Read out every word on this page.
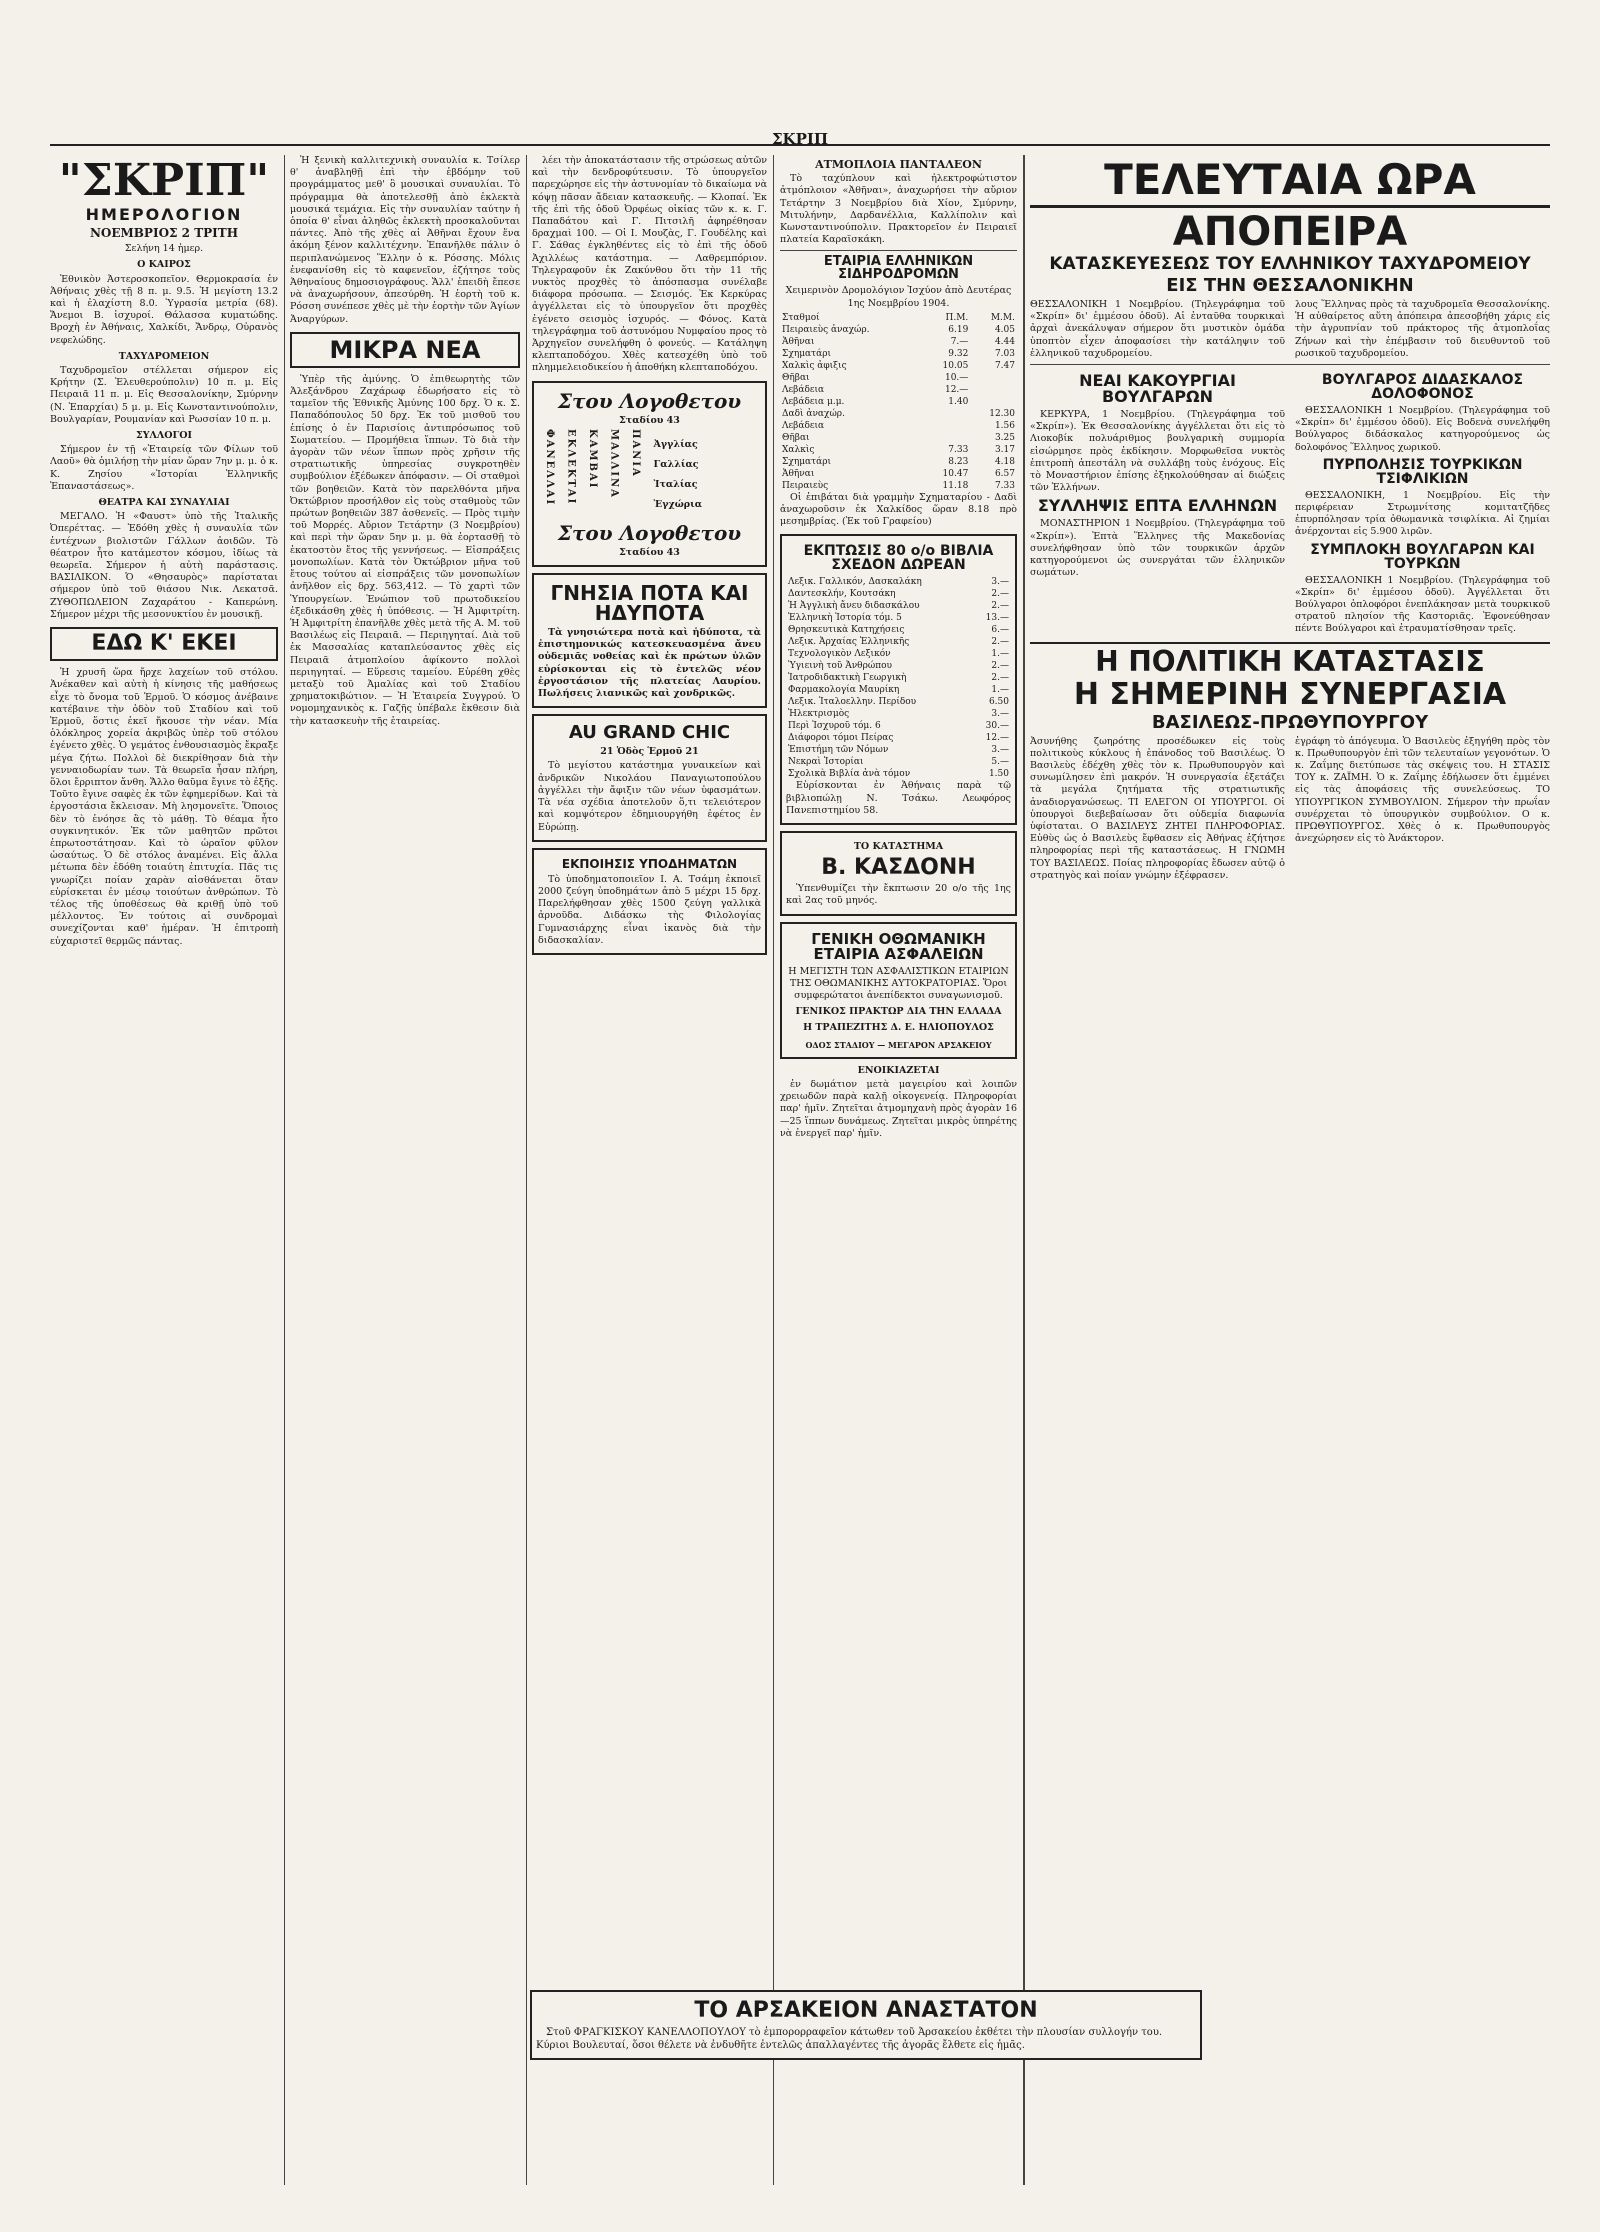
ΣΚΡΙΠ
"ΣΚΡΙΠ"
ΗΜΕΡΟΛΟΓΙΟΝ
ΝΟΕΜΒΡΙΟΣ 2 ΤΡΙΤΗ
Σελήνη 14 ἡμερ.
Ο ΚΑΙΡΟΣ

Ἐθνικὸν Ἀστεροσκοπεῖον. Θερμοκρασία ἐν Ἀθήναις χθὲς τῇ 8 π. μ. 9.5. Ἡ μεγίστη 13.2 καὶ ἡ ἐλαχίστη 8.0. Ὑγρασία μετρία (68). Ἄνεμοι Β. ἰσχυροί. Θάλασσα κυματώδης. Βροχὴ ἐν Ἀθήναις, Χαλκίδι, Ἄνδρῳ, Οὐρανὸς νεφελώδης.

ΤΑΧΥΔΡΟΜΕΙΟΝ

Ταχυδρομεῖον στέλλεται σήμερον εἰς Κρήτην (Σ. Ἐλευθερούπολιν) 10 π. μ. Εἰς Πειραιᾶ 11 π. μ. Εἰς Θεσσαλονίκην, Σμύρνην (Ν. Ἐπαρχίαι) 5 μ. μ. Εἰς Κωνσταντινούπολιν, Βουλγαρίαν, Ρουμανίαν καὶ Ρωσσίαν 10 π. μ.

ΣΥΛΛΟΓΟΙ

Σήμερον ἐν τῇ «Ἑταιρείᾳ τῶν Φίλων τοῦ Λαοῦ» θὰ ὁμιλήσῃ τὴν μίαν ὥραν 7ην μ. μ. ὁ κ. Κ. Ζησίου «Ἱστορίαι Ἑλληνικῆς Ἐπαναστάσεως».

ΘΕΑΤΡΑ ΚΑΙ ΣΥΝΑΥΛΙΑΙ

ΜΕΓΑΛΟ. Ἡ «Φαυστ» ὑπὸ τῆς Ἰταλικῆς Ὀπερέττας. — Ἐδόθη χθὲς ἡ συναυλία τῶν ἐντέχνων βιολιστῶν Γάλλων ἀοιδῶν. Τὸ θέατρον ἦτο κατάμεστον κόσμου, ἰδίως τὰ θεωρεῖα. Σήμερον ἡ αὐτὴ παράστασις. ΒΑΣΙΛΙΚΟΝ. Ὁ «Θησαυρὸς» παρίσταται σήμερον ὑπὸ τοῦ θιάσου Νικ. Λεκατσᾶ. ΖΥΘΟΠΩΛΕΙΟΝ Ζαχαράτου - Καπερώνη. Σήμερον μέχρι τῆς μεσονυκτίου ἐν μουσικῇ.

ΕΔΩ Κ' ΕΚΕΙ

Ἡ χρυσῆ ὥρα ἤρχε λαχείων τοῦ στόλου. Ἀνέκαθεν καὶ αὐτὴ ἡ κίνησις τῆς μαθήσεως εἶχε τὸ ὄνομα τοῦ Ἑρμοῦ. Ὁ κόσμος ἀνέβαινε κατέβαινε τὴν ὁδὸν τοῦ Σταδίου καὶ τοῦ Ἑρμοῦ, ὅστις ἐκεῖ ἤκουσε τὴν νέαν. Μία ὁλόκληρος χορεία ἀκριβῶς ὑπὲρ τοῦ στόλου ἐγένετο χθὲς. Ὁ γεμάτος ἐνθουσιασμὸς ἔκραξε μέγα ζήτω. Πολλοὶ δὲ διεκρίθησαν διὰ τὴν γενναιοδωρίαν των. Τὰ θεωρεῖα ἦσαν πλήρη, ὅλοι ἔρριπτον ἄνθη. Ἄλλο θαῦμα ἔγινε τὸ ἑξῆς. Τοῦτο ἔγινε σαφὲς ἐκ τῶν ἐφημερίδων. Καὶ τὰ ἐργοστάσια ἔκλεισαν. Μὴ λησμονεῖτε. Ὅποιος δὲν τὸ ἐνόησε ἂς τὸ μάθῃ. Τὸ θέαμα ἦτο συγκινητικόν. Ἐκ τῶν μαθητῶν πρῶτοι ἐπρωτοστάτησαν. Καὶ τὸ ὡραῖον φῦλον ὡσαύτως. Ὁ δὲ στόλος ἀναμένει. Εἰς ἄλλα μέτωπα δὲν ἐδόθη τοιαύτη ἐπιτυχία. Πᾶς τις γνωρίζει ποίαν χαρὰν αἰσθάνεται ὅταν εὑρίσκεται ἐν μέσῳ τοιούτων ἀνθρώπων. Τὸ τέλος τῆς ὑποθέσεως θὰ κριθῇ ὑπὸ τοῦ μέλλοντος. Ἐν τούτοις αἱ συνδρομαὶ συνεχίζονται καθ' ἡμέραν. Ἡ ἐπιτροπὴ εὐχαριστεῖ θερμῶς πάντας.

Ἡ ξενικὴ καλλιτεχνικὴ συναυλία κ. Τσίλερ θ' ἀναβληθῇ ἐπὶ τὴν ἑβδόμην τοῦ προγράμματος μεθ' ὃ μουσικαὶ συναυλίαι. Τὸ πρόγραμμα θὰ ἀποτελεσθῇ ἀπὸ ἐκλεκτὰ μουσικά τεμάχια. Εἰς τὴν συναυλίαν ταύτην ἡ ὁποία θ' εἶναι ἀληθῶς ἐκλεκτὴ προσκαλοῦνται πάντες. Ἀπὸ τῆς χθὲς αἱ Ἀθῆναι ἔχουν ἕνα ἀκόμη ξένον καλλιτέχνην. Ἐπανῆλθε πάλιν ὁ περιπλανώμενος Ἕλλην ὁ κ. Ρόσσης. Μόλις ἐνεφανίσθη εἰς τὸ καφενεῖον, ἐζήτησε τοὺς Ἀθηναίους δημοσιογράφους. Ἄλλ' ἐπειδὴ ἔπεσε νὰ ἀναχωρήσουν, ἀπεσύρθη. Ἡ ἑορτὴ τοῦ κ. Ρόσση συνέπεσε χθὲς μὲ τὴν ἑορτὴν τῶν Ἁγίων Ἀναργύρων.

ΜΙΚΡΑ ΝΕΑ

Ὑπὲρ τῆς ἀμύνης. Ὁ ἐπιθεωρητὴς τῶν Ἀλεξάνδρου Ζαχάρωφ ἐδωρήσατο εἰς τὸ ταμεῖον τῆς Ἐθνικῆς Ἀμύνης 100 δρχ. Ὁ κ. Σ. Παπαδόπουλος 50 δρχ. Ἐκ τοῦ μισθοῦ του ἐπίσης ὁ ἐν Παρισίοις ἀντιπρόσωπος τοῦ Σωματείου. — Προμήθεια ἵππων. Τὸ διὰ τὴν ἀγορὰν τῶν νέων ἵππων πρὸς χρῆσιν τῆς στρατιωτικῆς ὑπηρεσίας συγκροτηθὲν συμβούλιον ἐξέδωκεν ἀπόφασιν. — Οἱ σταθμοὶ τῶν βοηθειῶν. Κατὰ τὸν παρελθόντα μῆνα Ὀκτώβριον προσήλθον εἰς τοὺς σταθμοὺς τῶν πρώτων βοηθειῶν 387 ἀσθενεῖς. — Πρὸς τιμὴν τοῦ Μορρές. Αὔριον Τετάρτην (3 Νοεμβρίου) καὶ περὶ τὴν ὥραν 5ην μ. μ. θὰ ἐορτασθῇ τὸ ἑκατοστὸν ἔτος τῆς γεννήσεως. — Εἰσπράξεις μονοπωλίων. Κατὰ τὸν Ὀκτώβριον μῆνα τοῦ ἔτους τούτου αἱ εἰσπράξεις τῶν μονοπωλίων ἀνῆλθον εἰς δρχ. 563,412. — Τὸ χαρτὶ τῶν Ὑπουργείων. Ἐνώπιον τοῦ πρωτοδικείου ἐξεδικάσθη χθὲς ἡ ὑπόθεσις. — Ἡ Ἀμφιτρίτη. Ἡ Ἀμφιτρίτη ἐπανῆλθε χθὲς μετὰ τῆς Α. Μ. τοῦ Βασιλέως εἰς Πειραιᾶ. — Περιηγηταί. Διὰ τοῦ ἐκ Μασσαλίας καταπλεύσαντος χθὲς εἰς Πειραιᾶ ἀτμοπλοίου ἀφίκοντο πολλοὶ περιηγηταί. — Εὕρεσις ταμείου. Εὑρέθη χθὲς μεταξὺ τοῦ Ἀμαλίας καὶ τοῦ Σταδίου χρηματοκιβώτιον. — Ἡ Ἑταιρεία Συγγρού. Ὁ νομομηχανικὸς κ. Γαζῆς ὑπέβαλε ἔκθεσιν διὰ τὴν κατασκευὴν τῆς ἑταιρείας.

λέει τὴν ἀποκατάστασιν τῆς στρώσεως αὐτῶν καὶ τὴν δενδροφύτευσιν. Τὸ ὑπουργεῖον παρεχώρησε εἰς τὴν ἀστυνομίαν τὸ δικαίωμα νὰ κόψῃ πᾶσαν ἄδειαν κατασκευῆς. — Κλοπαί. Ἐκ τῆς ἐπὶ τῆς ὁδοῦ Ὀρφέως οἰκίας τῶν κ. κ. Γ. Παπαδάτου καὶ Γ. Πιτσιλῆ ἀφηρέθησαν δραχμαὶ 100. — Οἱ Ι. Μουζὰς, Γ. Γουδέλης καὶ Γ. Σάθας ἐγκληθέντες εἰς τὸ ἐπὶ τῆς ὁδοῦ Ἀχιλλέως κατάστημα. — Λαθρεμπόριον. Τηλεγραφοῦν ἐκ Ζακύνθου ὅτι τὴν 11 τῆς νυκτὸς προχθὲς τὸ ἀπόσπασμα συνέλαβε διάφορα πρόσωπα. — Σεισμός. Ἐκ Κερκύρας ἀγγέλλεται εἰς τὸ ὑπουργεῖον ὅτι προχθὲς ἐγένετο σεισμὸς ἰσχυρός. — Φόνος. Κατὰ τηλεγράφημα τοῦ ἀστυνόμου Νυμφαίου προς τὸ Ἀρχηγεῖον συνελήφθη ὁ φονεύς. — Κατάληψη κλεπταποδόχου. Χθὲς κατεσχέθη ὑπὸ τοῦ πλημμελειοδικείου ἡ ἀποθήκη κλεπταποδόχου.

Στου Λογοθετου
Σταδίου 43
ΦΑΝΕΛΛΑΙ ΕΚΛΕΚΤΑΙ ΚΑΜΒΑΙ ΜΑΛΛΙΝΑ ΠΑΝΙΑ Ἀγγλίας
Γαλλίας
Ἰταλίας
Ἐγχώρια
Στου Λογοθετου
Σταδίου 43
ΓΝΗΣΙΑ ΠΟΤΑ ΚΑΙ ΗΔΥΠΟΤΑ

Τὰ γνησιώτερα ποτὰ καὶ ἡδύποτα, τὰ ἐπιστημονικώς κατεσκευασμένα ἄνευ οὐδεμιᾶς νοθείας καὶ ἐκ πρώτων ὑλῶν εὑρίσκονται εἰς τὸ ἐντελῶς νέον ἐργοστάσιον τῆς πλατείας Λαυρίου. Πωλήσεις λιανικῶς καὶ χονδρικῶς.

AU GRAND CHIC
21 Ὁδὸς Ἑρμοῦ 21

Τὸ μεγίστου κατάστημα γυναικείων καὶ ἀνδρικῶν Νικολάου Παναγιωτοπούλου ἀγγέλλει τὴν ἄφιξιν τῶν νέων ὑφασμάτων. Τὰ νέα σχέδια ἀποτελοῦν ὅ,τι τελειότερον καὶ κομψότερον ἐδημιουργήθη ἐφέτος ἐν Εὐρώπῃ.

ΕΚΠΟΙΗΣΙΣ ΥΠΟΔΗΜΑΤΩΝ

Τὸ ὑποδηματοποιεῖον Ι. Α. Τσάμη ἐκποιεῖ 2000 ζεύγη ὑποδημάτων ἀπὸ 5 μέχρι 15 δρχ. Παρελήφθησαν χθὲς 1500 ζεύγη γαλλικὰ ἀρνοῦδα. Διδάσκω τὴς Φιλολογίας Γυμνασιάρχης εἶναι ἱκανὸς διὰ τὴν διδασκαλίαν.

ΑΤΜΟΠΛΟΙΑ ΠΑΝΤΑΛΕΟΝ

Τὸ ταχύπλουν καὶ ἠλεκτροφώτιστον ἀτμόπλοιον «Ἀθῆναι», ἀναχωρήσει τὴν αὔριον Τετάρτην 3 Νοεμβρίου διὰ Χίον, Σμύρνην, Μιτυλήνην, Δαρδανέλλια, Καλλίπολιν καὶ Κωνσταντινούπολιν. Πρακτορεῖον ἐν Πειραιεῖ πλατεία Καραϊσκάκη.

ΕΤΑΙΡΙΑ ΕΛΛΗΝΙΚΩΝ ΣΙΔΗΡΟΔΡΟΜΩΝ
Χειμερινὸν Δρομολόγιον Ἰσχύον ἀπὸ Δευτέρας 1ης Νοεμβρίου 1904.
Σταθμοί	Π.Μ.	Μ.Μ.
Πειραιεὺς ἀναχώρ.	6.19	4.05
Ἀθῆναι	7.—	4.44
Σχηματάρι	9.32	7.03
Χαλκὶς ἀφιξις	10.05	7.47
Θῆβαι	10.—	
Λεβάδεια	12.—	
Λεβάδεια μ.μ.	1.40	
Δαδὶ ἀναχώρ.		12.30
Λεβάδεια		1.56
Θῆβαι		3.25
Χαλκὶς	7.33	3.17
Σχηματάρι	8.23	4.18
Ἀθῆναι	10.47	6.57
Πειραιεὺς	11.18	7.33

Οἱ ἐπιβάται διὰ γραμμὴν Σχηματαρίου - Δαδὶ ἀναχωροῦσιν ἐκ Χαλκίδος ὥραν 8.18 πρὸ μεσημβρίας. (Ἐκ τοῦ Γραφείου)

ΕΚΠΤΩΣΙΣ 80 ο/ο ΒΙΒΛΙΑ ΣΧΕΔΟΝ ΔΩΡΕΑΝ
Λεξικ. Γαλλικόν, Δασκαλάκη	3.—
Δαντεσκλήν, Κουτσάκη	2.—
Ἡ Ἀγγλικὴ ἄνευ διδασκάλου	2.—
Ἑλληνικὴ Ἱστορία τόμ. 5	13.—
Θρησκευτικὰ Κατηχήσεις	6.—
Λεξικ. Ἀρχαίας Ἑλληνικῆς	2.—
Τεχνολογικὸν Λεξικόν	1.—
Ὑγιεινὴ τοῦ Ἀνθρώπου	2.—
Ἰατροδιδακτικὴ Γεωργικὴ	2.—
Φαρμακολογία Μαυρίκη	1.—
Λεξικ. Ἰταλοελλην. Περίδου	6.50
Ἠλεκτρισμὸς	3.—
Περὶ Ἰσχυροῦ τόμ. 6	30.—
Διάφοροι τόμοι Πείρας	12.—
Ἐπιστήμη τῶν Νόμων	3.—
Νεκραὶ Ἱστορίαι	5.—
Σχολικὰ Βιβλία ἀνὰ τόμον	1.50

Εὑρίσκονται ἐν Ἀθήναις παρὰ τῷ βιβλιοπώλῃ Ν. Τσάκω. Λεωφόρος Πανεπιστημίου 58.

ΤΟ ΚΑΤΑΣΤΗΜΑ
Β. ΚΑΣΔΟΝΗ

Ὑπενθυμίζει τὴν ἔκπτωσιν 20 ο/ο τῆς 1ης καὶ 2ας τοῦ μηνός.

ΓΕΝΙΚΗ ΟΘΩΜΑΝΙΚΗ ΕΤΑΙΡΙΑ ΑΣΦΑΛΕΙΩΝ

Η ΜΕΓΙΣΤΗ ΤΩΝ ΑΣΦΑΛΙΣΤΙΚΩΝ ΕΤΑΙΡΙΩΝ ΤΗΣ ΟΘΩΜΑΝΙΚΗΣ ΑΥΤΟΚΡΑΤΟΡΙΑΣ. Ὅροι συμφερώτατοι ἀνεπίδεκτοι συναγωνισμοῦ.

ΓΕΝΙΚΟΣ ΠΡΑΚΤΩΡ ΔΙΑ ΤΗΝ ΕΛΛΑΔΑ
Η ΤΡΑΠΕΖΙΤΗΣ Δ. Ε. ΗΛΙΟΠΟΥΛΟΣ
ΟΔΟΣ ΣΤΑΔΙΟΥ — ΜΕΓΑΡΟΝ ΑΡΣΑΚΕΙΟΥ
ΕΝΟΙΚΙΑΖΕΤΑΙ

ἐν δωμάτιον μετὰ μαγειρίου καὶ λοιπῶν χρειωδῶν παρὰ καλῇ οἰκογενείᾳ. Πληροφορίαι παρ' ἡμῖν. Ζητεῖται ἀτμομηχανὴ πρὸς ἀγορὰν 16—25 ἵππων δυνάμεως. Ζητεῖται μικρὸς ὑπηρέτης νὰ ἐνεργεῖ παρ' ἡμῖν.

ΤΕΛΕΥΤΑΙΑ ΩΡΑ
ΑΠΟΠΕΙΡΑ
ΚΑΤΑΣΚΕΥΕΣΕΩΣ ΤΟΥ ΕΛΛΗΝΙΚΟΥ ΤΑΧΥΔΡΟΜΕΙΟΥ
ΕΙΣ ΤΗΝ ΘΕΣΣΑΛΟΝΙΚΗΝ
ΘΕΣΣΑΛΟΝΙΚΗ 1 Νοεμβρίου. (Τηλεγράφημα τοῦ «Σκρίπ» δι' ἐμμέσου ὁδοῦ). Αἱ ἐνταῦθα τουρκικαὶ ἀρχαὶ ἀνεκάλυψαν σήμερον ὅτι μυστικὸν ὁμάδα ὑποπτὸν εἶχεν ἀποφασίσει τὴν κατάληψιν τοῦ ἐλληνικοῦ ταχυδρομείου.
λους Ἕλληνας πρὸς τὰ ταχυδρομεῖα Θεσσαλονίκης. Ἡ αὐθαίρετος αὕτη ἀπόπειρα ἀπεσοβήθη χάρις εἰς τὴν ἀγρυπνίαν τοῦ πράκτορος τῆς ἀτμοπλοΐας Ζήνων καὶ τὴν ἐπέμβασιν τοῦ διευθυντοῦ τοῦ ρωσικοῦ ταχυδρομείου.
ΝΕΑΙ ΚΑΚΟΥΡΓΙΑΙ ΒΟΥΛΓΑΡΩΝ

ΚΕΡΚΥΡΑ, 1 Νοεμβρίου. (Τηλεγράφημα τοῦ «Σκρίπ»). Ἐκ Θεσσαλονίκης ἀγγέλλεται ὅτι εἰς τὸ Λιοκοβίκ πολυάριθμος βουλγαρικὴ συμμορία εἰσώρμησε πρὸς ἐκδίκησιν. Μορφωθεῖσα νυκτὸς ἐπιτροπὴ ἀπεστάλη νὰ συλλάβῃ τοὺς ἐνόχους. Εἰς τὸ Μοναστήριον ἐπίσης ἐξηκολούθησαν αἱ διώξεις τῶν Ἑλλήνων.

ΣΥΛΛΗΨΙΣ ΕΠΤΑ ΕΛΛΗΝΩΝ

ΜΟΝΑΣΤΗΡΙΟΝ 1 Νοεμβρίου. (Τηλεγράφημα τοῦ «Σκρίπ»). Ἑπτὰ Ἕλληνες τῆς Μακεδονίας συνελήφθησαν ὑπὸ τῶν τουρκικῶν ἀρχῶν κατηγορούμενοι ὡς συνεργάται τῶν ἑλληνικῶν σωμάτων.

ΒΟΥΛΓΑΡΟΣ ΔΙΔΑΣΚΑΛΟΣ ΔΟΛΟΦΟΝΟΣ

ΘΕΣΣΑΛΟΝΙΚΗ 1 Νοεμβρίου. (Τηλεγράφημα τοῦ «Σκρίπ» δι' ἐμμέσου ὁδοῦ). Εἰς Βοδενὰ συνελήφθη Βούλγαρος διδάσκαλος κατηγορούμενος ὡς δολοφόνος Ἕλληνος χωρικοῦ.

ΠΥΡΠΟΛΗΣΙΣ ΤΟΥΡΚΙΚΩΝ ΤΣΙΦΛΙΚΙΩΝ

ΘΕΣΣΑΛΟΝΙΚΗ, 1 Νοεμβρίου. Εἰς τὴν περιφέρειαν Στρωμνίτσης κομιτατζῆδες ἐπυρπόλησαν τρία ὀθωμανικὰ τσιφλίκια. Αἱ ζημίαι ἀνέρχονται εἰς 5.900 λιρῶν.

ΣΥΜΠΛΟΚΗ ΒΟΥΛΓΑΡΩΝ ΚΑΙ ΤΟΥΡΚΩΝ

ΘΕΣΣΑΛΟΝΙΚΗ 1 Νοεμβρίου. (Τηλεγράφημα τοῦ «Σκρίπ» δι' ἐμμέσου ὁδοῦ). Ἀγγέλλεται ὅτι Βούλγαροι ὁπλοφόροι ἐνεπλάκησαν μετὰ τουρκικοῦ στρατοῦ πλησίον τῆς Καστοριᾶς. Ἐφονεύθησαν πέντε Βούλγαροι καὶ ἐτραυματίσθησαν τρεῖς.

Η ΠΟΛΙΤΙΚΗ ΚΑΤΑΣΤΑΣΙΣ
Η ΣΗΜΕΡΙΝΗ ΣΥΝΕΡΓΑΣΙΑ
ΒΑΣΙΛΕΩΣ-ΠΡΩΘΥΠΟΥΡΓΟΥ
Ἀσυνήθης ζωηρότης προσέδωκεν εἰς τοὺς πολιτικοὺς κύκλους ἡ ἐπάνοδος τοῦ Βασιλέως. Ὁ Βασιλεὺς ἐδέχθη χθὲς τὸν κ. Πρωθυπουργὸν καὶ συνωμίλησεν ἐπὶ μακρόν. Ἡ συνεργασία ἐξετάζει τὰ μεγάλα ζητήματα τῆς στρατιωτικῆς ἀναδιοργανώσεως. ΤΙ ΕΛΕΓΟΝ ΟΙ ΥΠΟΥΡΓΟΙ. Οἱ ὑπουργοὶ διεβεβαίωσαν ὅτι οὐδεμία διαφωνία ὑφίσταται. Ο ΒΑΣΙΛΕΥΣ ΖΗΤΕΙ ΠΛΗΡΟΦΟΡΙΑΣ. Εὐθὺς ὡς ὁ Βασιλεὺς ἔφθασεν εἰς Ἀθήνας ἐζήτησε πληροφορίας περὶ τῆς καταστάσεως. Η ΓΝΩΜΗ ΤΟΥ ΒΑΣΙΛΕΩΣ. Ποίας πληροφορίας ἔδωσεν αὐτῷ ὁ στρατηγὸς καὶ ποίαν γνώμην ἐξέφρασεν.
ἐγράφη τὸ ἀπόγευμα. Ὁ Βασιλεὺς ἐξηγήθη πρὸς τὸν κ. Πρωθυπουργὸν ἐπὶ τῶν τελευταίων γεγονότων. Ὁ κ. Ζαΐμης διετύπωσε τὰς σκέψεις του. Η ΣΤΑΣΙΣ ΤΟΥ κ. ΖΑΪΜΗ. Ὁ κ. Ζαΐμης ἐδήλωσεν ὅτι ἐμμένει εἰς τὰς ἀποφάσεις τῆς συνελεύσεως. ΤΟ ΥΠΟΥΡΓΙΚΟΝ ΣΥΜΒΟΥΛΙΟΝ. Σήμερον τὴν πρωΐαν συνέρχεται τὸ ὑπουργικὸν συμβούλιον. Ο κ. ΠΡΩΘΥΠΟΥΡΓΟΣ. Χθὲς ὁ κ. Πρωθυπουργὸς ἀνεχώρησεν εἰς τὸ Ἀνάκτορον.
ΤΟ ΑΡΣΑΚΕΙΟΝ ΑΝΑΣΤΑΤΟΝ

Στοῦ ΦΡΑΓΚΙΣΚΟΥ ΚΑΝΕΛΛΟΠΟΥΛΟΥ τὸ ἐμπορορραφεῖον κάτωθεν τοῦ Ἀρσακείου ἐκθέτει τὴν πλουσίαν συλλογήν του. Κύριοι Βουλευταί, ὅσοι θέλετε νὰ ἐνδυθῆτε ἐντελῶς ἀπαλλαγέντες τῆς ἀγορᾶς ἔλθετε εἰς ἡμᾶς.
